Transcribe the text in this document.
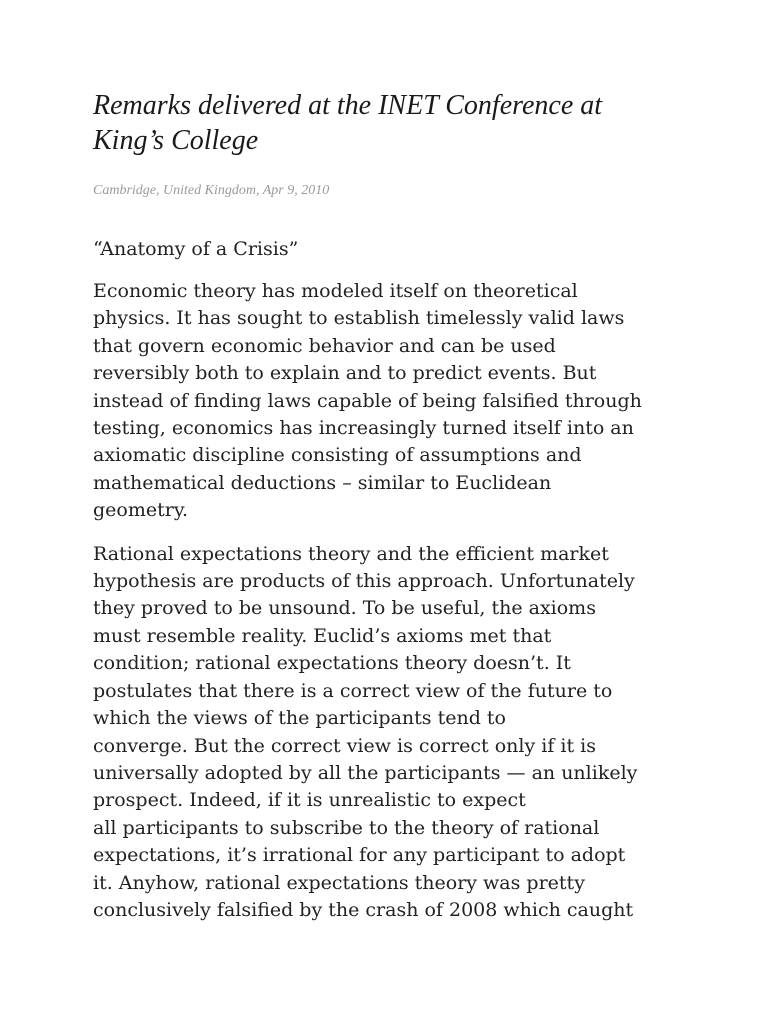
Remarks delivered at the INET Conference at
King’s College

Cambridge, United Kingdom, Apr 9, 2010

“Anatomy of a Crisis”

Economic theory has modeled itself on theoretical
physics. It has sought to establish timelessly valid laws
that govern economic behavior and can be used
reversibly both to explain and to predict events. But
instead of finding laws capable of being falsified through
testing, economics has increasingly turned itself into an
axiomatic discipline consisting of assumptions and
mathematical deductions – similar to Euclidean
geometry.

Rational expectations theory and the efficient market
hypothesis are products of this approach. Unfortunately
they proved to be unsound. To be useful, the axioms
must resemble reality. Euclid’s axioms met that
condition; rational expectations theory doesn’t. It
postulates that there is a correct view of the future to
which the views of the participants tend to
converge. But the correct view is correct only if it is
universally adopted by all the participants — an unlikely
prospect. Indeed, if it is unrealistic to expect
all participants to subscribe to the theory of rational
expectations, it’s irrational for any participant to adopt
it. Anyhow, rational expectations theory was pretty
conclusively falsified by the crash of 2008 which caught
